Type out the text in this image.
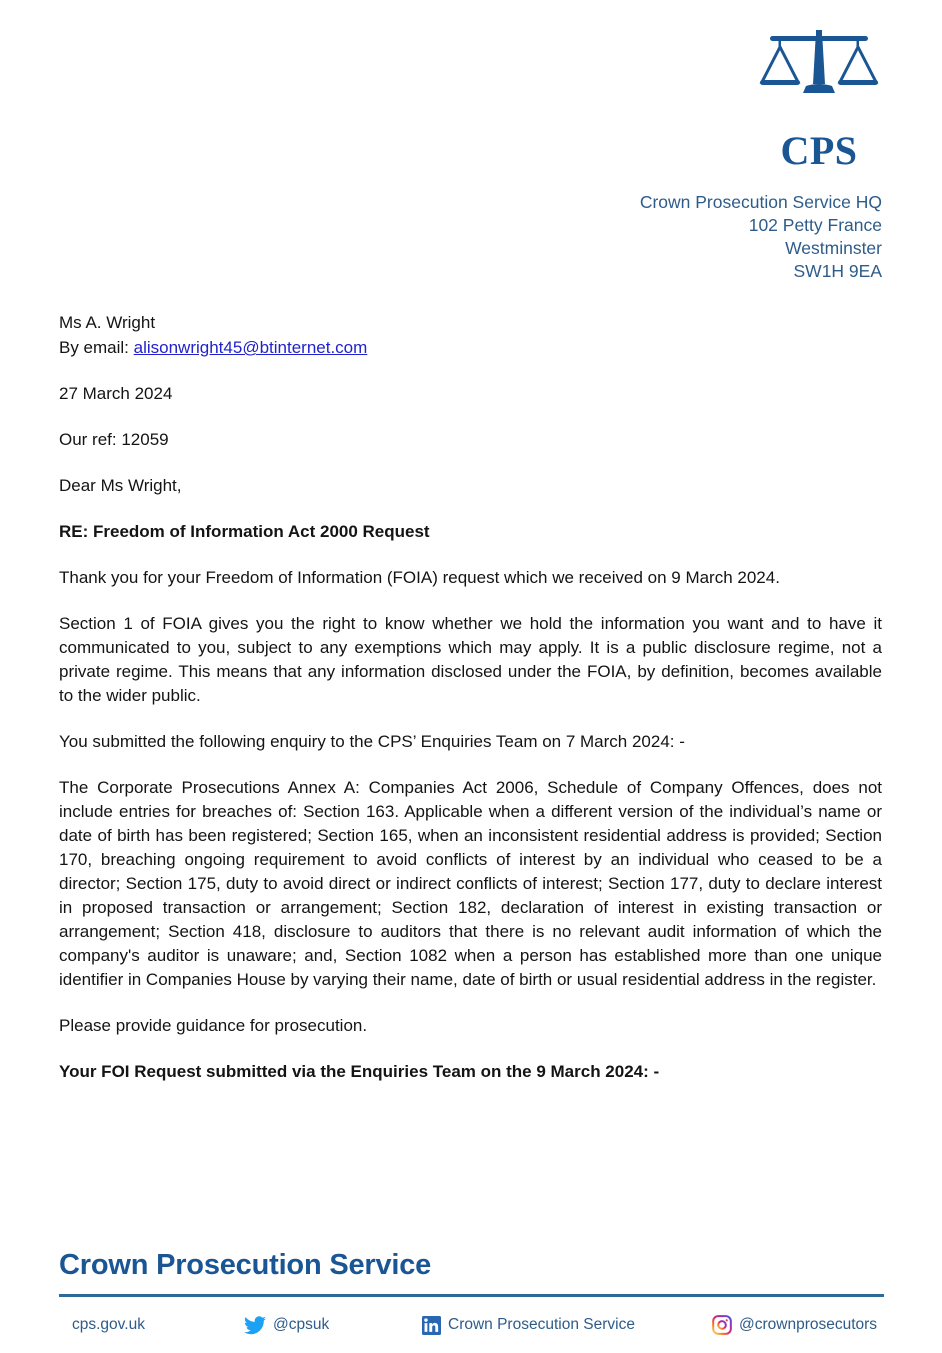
CPS
Crown Prosecution Service HQ
102 Petty France
Westminster
SW1H 9EA
Ms A. Wright
By email: alisonwright45@btinternet.com

27 March 2024

Our ref: 12059

Dear Ms Wright,

RE: Freedom of Information Act 2000 Request

Thank you for your Freedom of Information (FOIA) request which we received on 9 March 2024.

Section 1 of FOIA gives you the right to know whether we hold the information you want and to have it communicated to you, subject to any exemptions which may apply. It is a public disclosure regime, not a private regime. This means that any information disclosed under the FOIA, by definition, becomes available to the wider public.

You submitted the following enquiry to the CPS’ Enquiries Team on 7 March 2024: -

The Corporate Prosecutions Annex A: Companies Act 2006, Schedule of Company Offences, does not include entries for breaches of: Section 163. Applicable when a different version of the individual’s name or date of birth has been registered; Section 165, when an inconsistent residential address is provided; Section 170, breaching ongoing requirement to avoid conflicts of interest by an individual who ceased to be a director; Section 175, duty to avoid direct or indirect conflicts of interest; Section 177, duty to declare interest in proposed transaction or arrangement; Section 182, declaration of interest in existing transaction or arrangement; Section 418, disclosure to auditors that there is no relevant audit information of which the company's auditor is unaware; and, Section 1082 when a person has established more than one unique identifier in Companies House by varying their name, date of birth or usual residential address in the register.

Please provide guidance for prosecution.

Your FOI Request submitted via the Enquiries Team on the 9 March 2024: -

Crown Prosecution Service
cps.gov.uk	@cpsuk	Crown Prosecution Service	@crownprosecutors
